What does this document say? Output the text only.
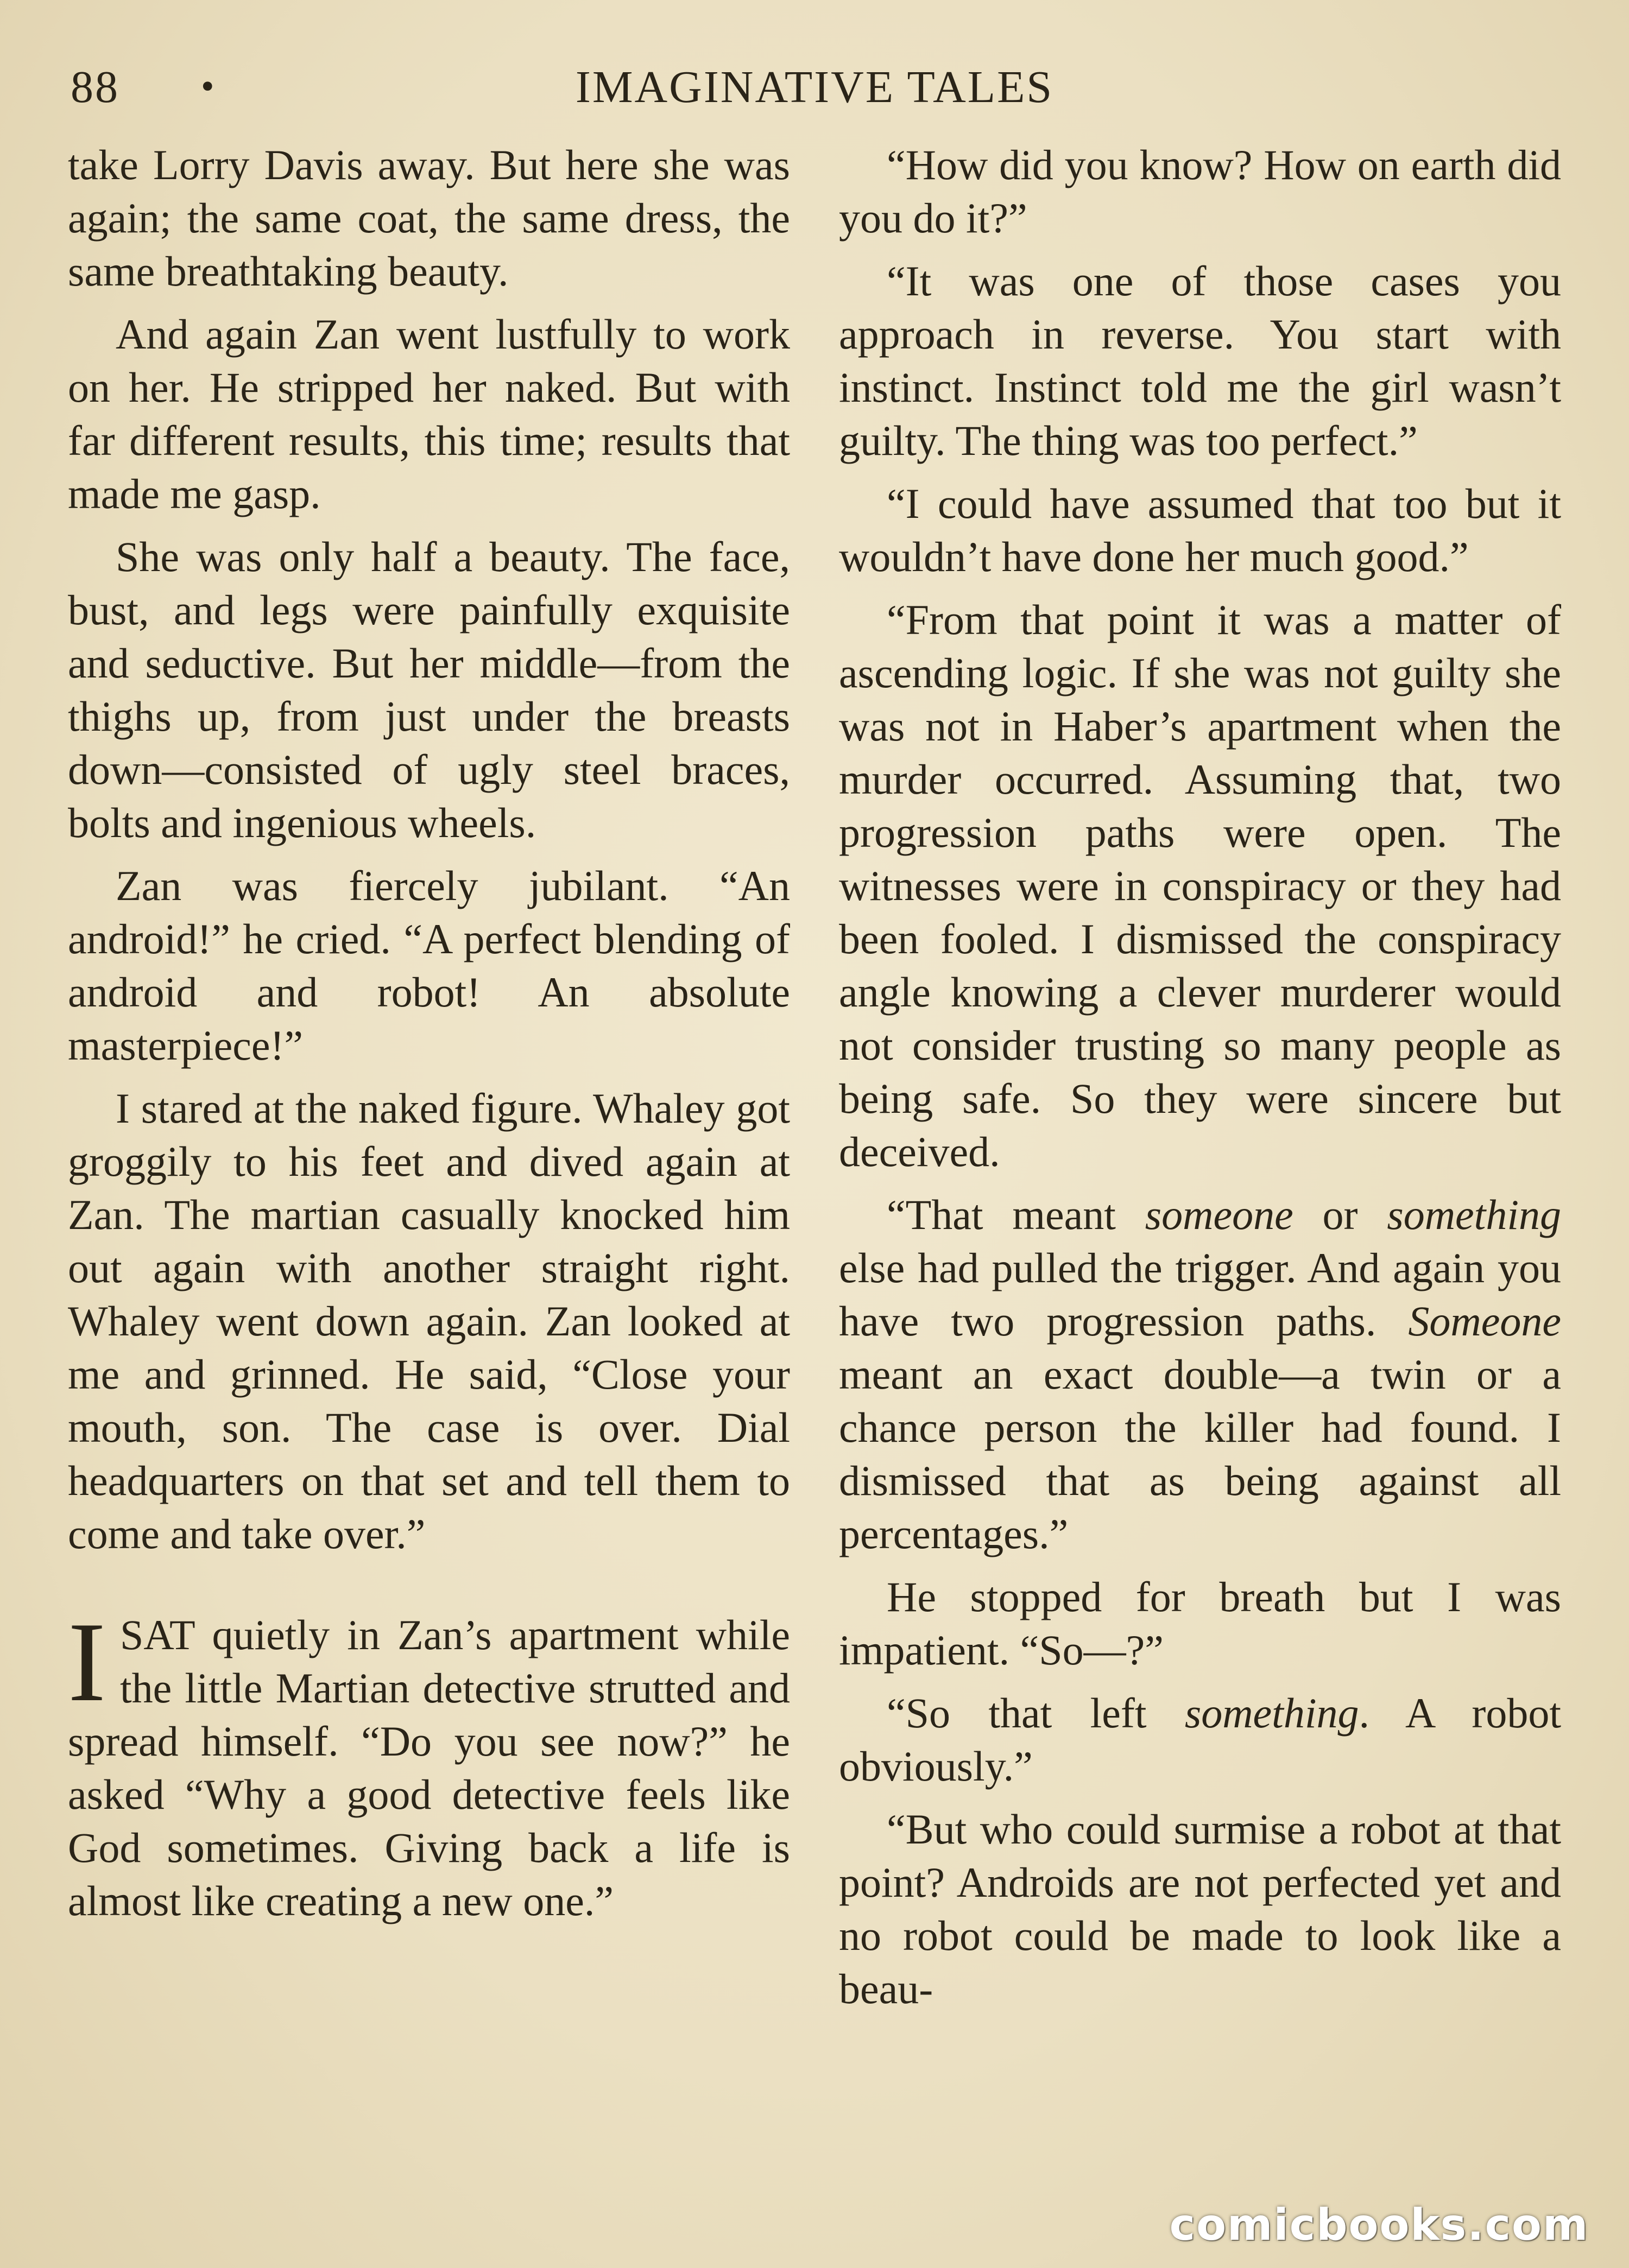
88	•	IMAGINATIVE TALES

take Lorry Davis away. But here she was again; the same coat, the same dress, the same breathtaking beauty.

And again Zan went lustfully to work on her. He stripped her naked. But with far different results, this time; results that made me gasp.

She was only half a beauty. The face, bust, and legs were painfully exquisite and seductive. But her middle—from the thighs up, from just under the breasts down—consisted of ugly steel braces, bolts and ingenious wheels.

Zan was fiercely jubilant. “An android!” he cried. “A perfect blending of android and robot! An absolute masterpiece!”

I stared at the naked figure. Whaley got groggily to his feet and dived again at Zan. The martian casually knocked him out again with another straight right. Whaley went down again. Zan looked at me and grinned. He said, “Close your mouth, son. The case is over. Dial headquarters on that set and tell them to come and take over.”

ISAT quietly in Zan’s apartment while the little Martian detective strutted and spread himself. “Do you see now?” he asked “Why a good detective feels like God sometimes. Giving back a life is almost like creating a new one.”

“How did you know? How on earth did you do it?”

“It was one of those cases you approach in reverse. You start with instinct. Instinct told me the girl wasn’t guilty. The thing was too perfect.”

“I could have assumed that too but it wouldn’t have done her much good.”

“From that point it was a matter of ascending logic. If she was not guilty she was not in Haber’s apartment when the murder occurred. Assuming that, two progression paths were open. The witnesses were in conspiracy or they had been fooled. I dismissed the conspiracy angle knowing a clever murderer would not consider trusting so many people as being safe. So they were sincere but deceived.

“That meant someone or something else had pulled the trigger. And again you have two progression paths. Someone meant an exact double—a twin or a chance person the killer had found. I dismissed that as being against all percentages.”

He stopped for breath but I was impatient. “So—?”

“So that left something. A robot obviously.”

“But who could surmise a robot at that point? Androids are not perfected yet and no robot could be made to look like a beau-

comicbooks.com
